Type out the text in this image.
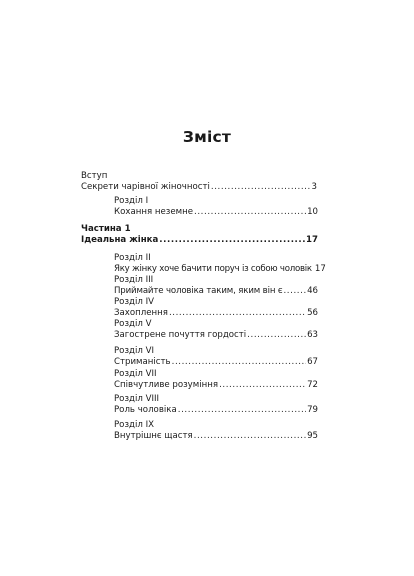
Зміст
Вступ
Секрети чарівної жіночності .....	3
Розділ I
Кохання неземне .....	10
Частина 1
Ідеальна жінка .....	17
Розділ II
Яку жінку хоче бачити поруч із собою чоловік 17
Розділ III
Приймайте чоловіка таким, яким він є .....	46
Розділ IV
Захоплення .....	56
Розділ V
Загострене почуття гордості .....	63
Розділ VI
Стриманість .....	67
Розділ VII
Співчутливе розуміння .....	72
Розділ VIII
Роль чоловіка .....	79
Розділ IX
Внутрішнє щастя .....	95
